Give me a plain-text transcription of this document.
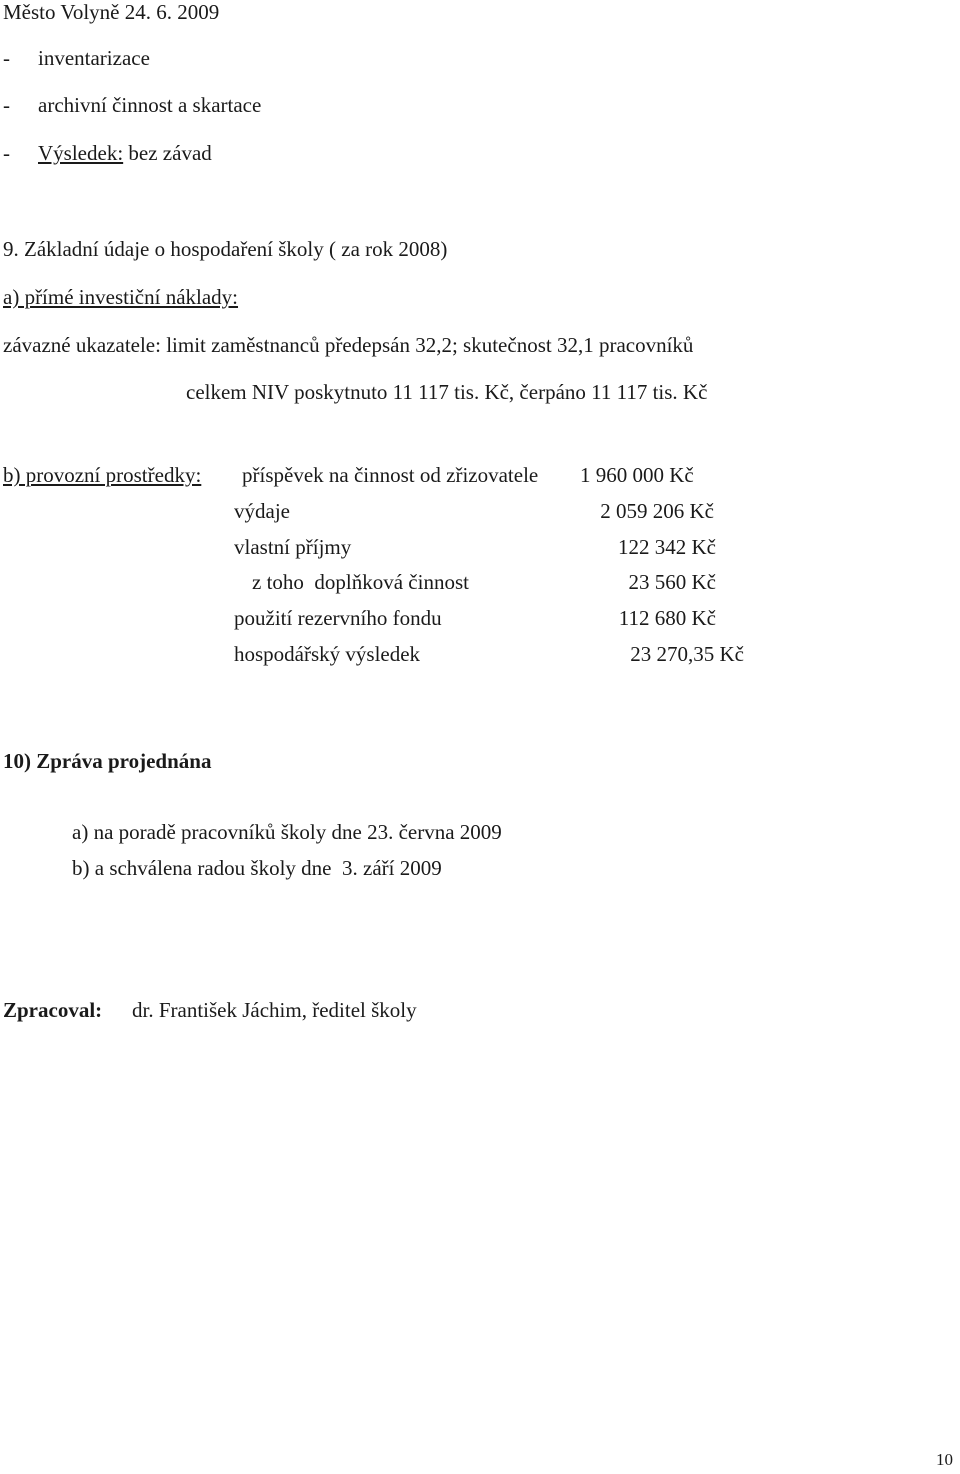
Město Volyně 24. 6. 2009
- inventarizace
- archivní činnost a skartace
- Výsledek: bez závad
9. Základní údaje o hospodaření školy ( za rok 2008)
a) přímé investiční náklady:
závazné ukazatele: limit zaměstnanců předepsán 32,2; skutečnost 32,1 pracovníků
celkem NIV poskytnuto 11 117 tis. Kč, čerpáno 11 117 tis. Kč
b) provozní prostředky: příspěvek na činnost od zřizovatele 1 960 000 Kč
výdaje	2 059 206 Kč
vlastní příjmy	122 342 Kč
z toho  doplňková činnost	23 560 Kč
použití rezervního fondu	112 680 Kč
hospodářský výsledek	23 270,35 Kč
10) Zpráva projednána
a) na poradě pracovníků školy dne 23. června 2009
b) a schválena radou školy dne  3. září 2009
Zpracoval: dr. František Jáchim, ředitel školy
10
